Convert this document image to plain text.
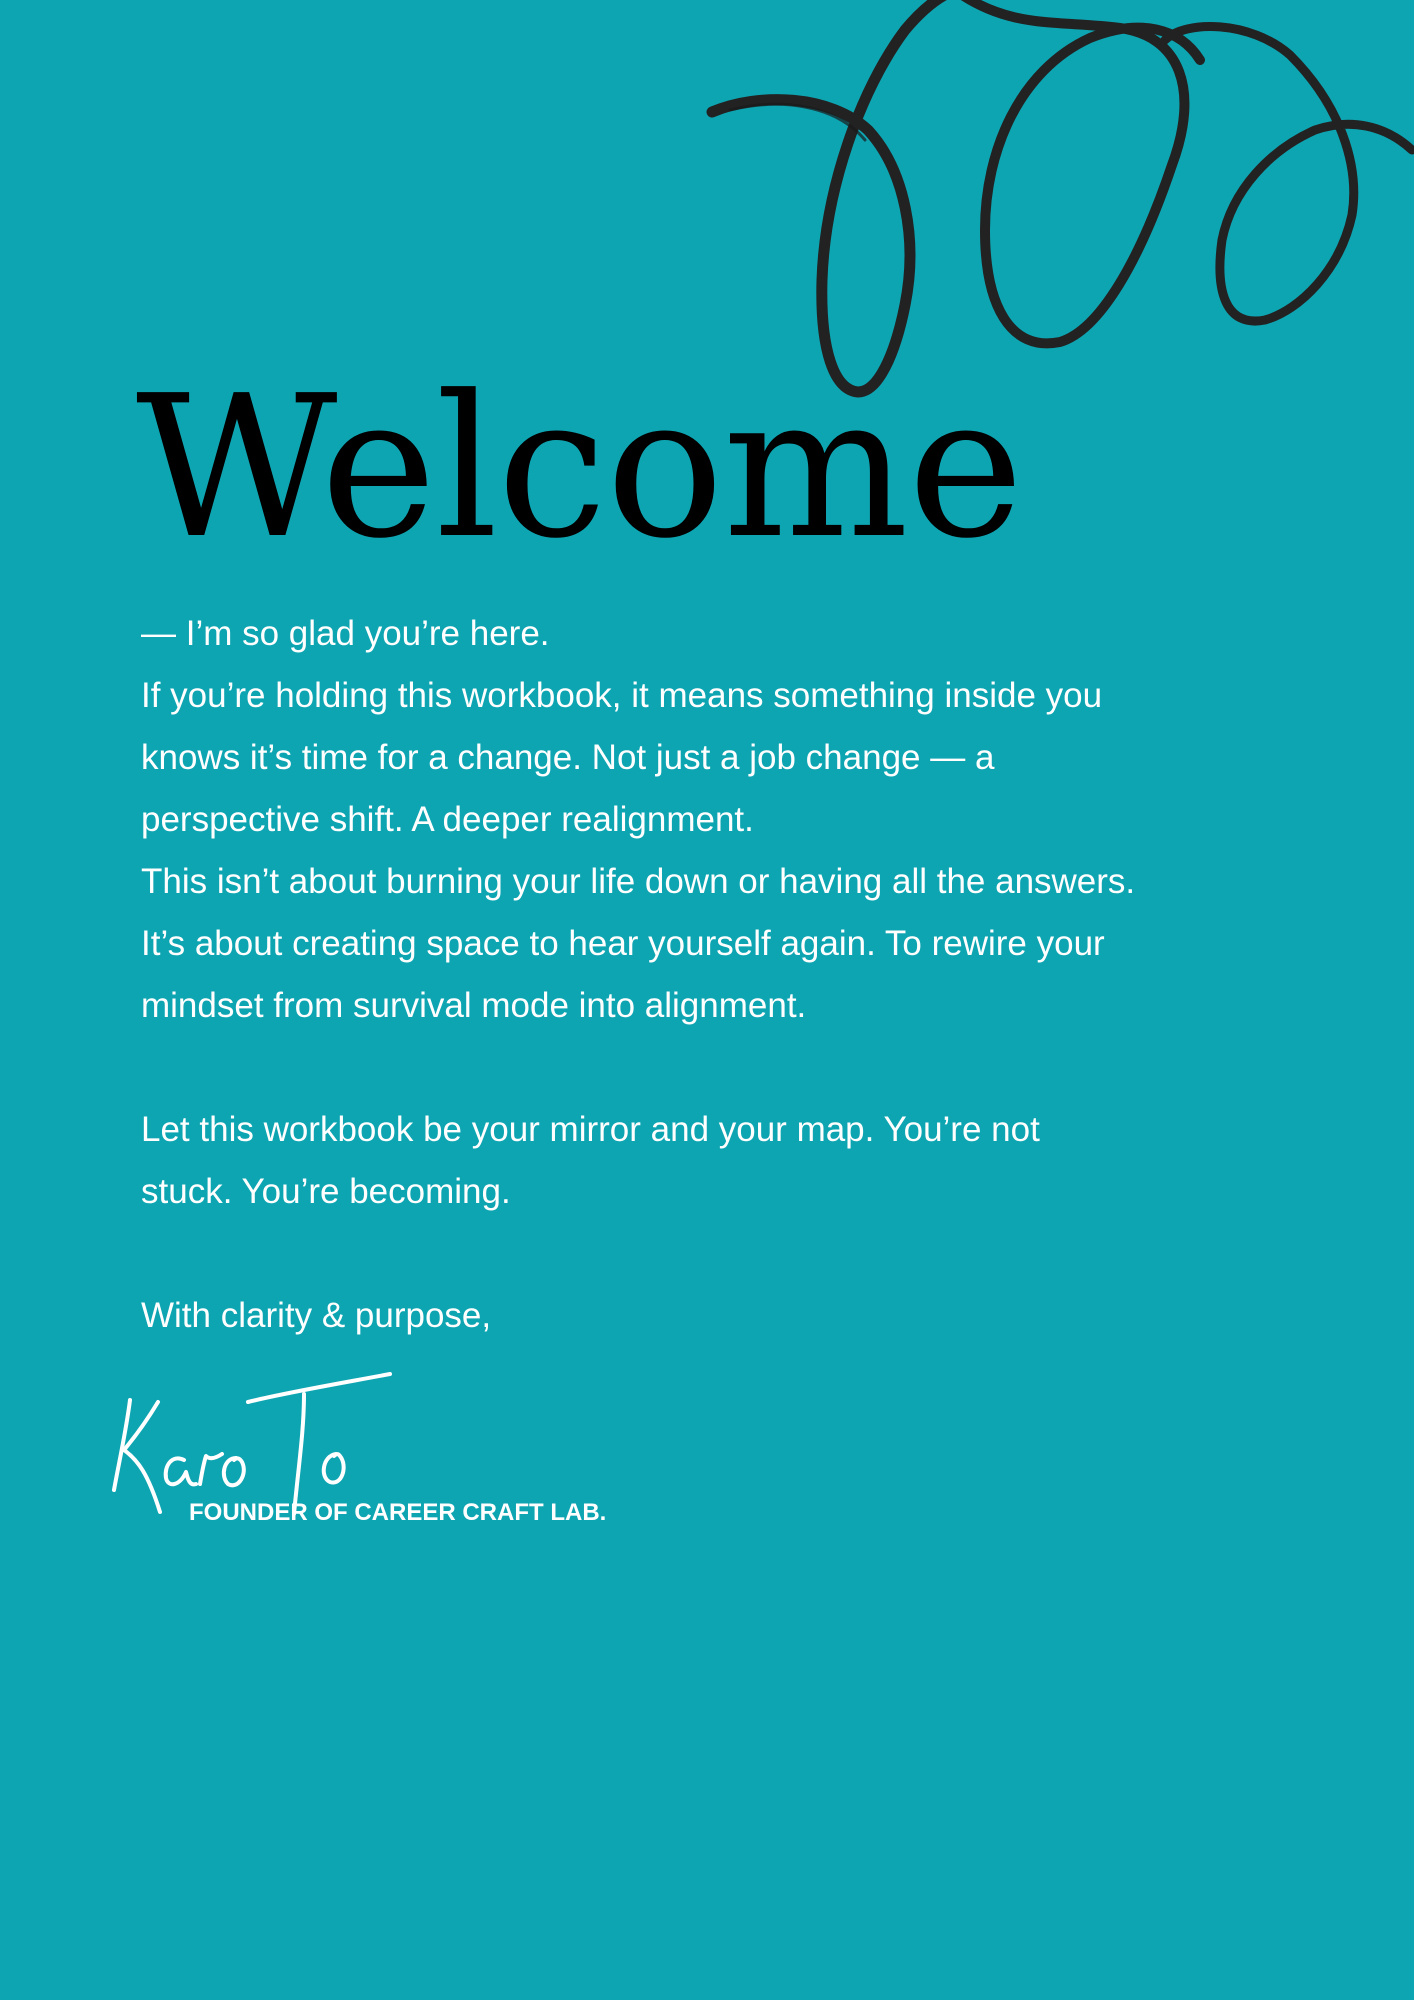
Welcome
— I’m so glad you’re here.
If you’re holding this workbook, it means something inside you
knows it’s time for a change. Not just a job change — a
perspective shift. A deeper realignment.
This isn’t about burning your life down or having all the answers.
It’s about creating space to hear yourself again. To rewire your
mindset from survival mode into alignment.
Let this workbook be your mirror and your map. You’re not
stuck. You’re becoming.
With clarity & purpose,
FOUNDER OF CAREER CRAFT LAB.
